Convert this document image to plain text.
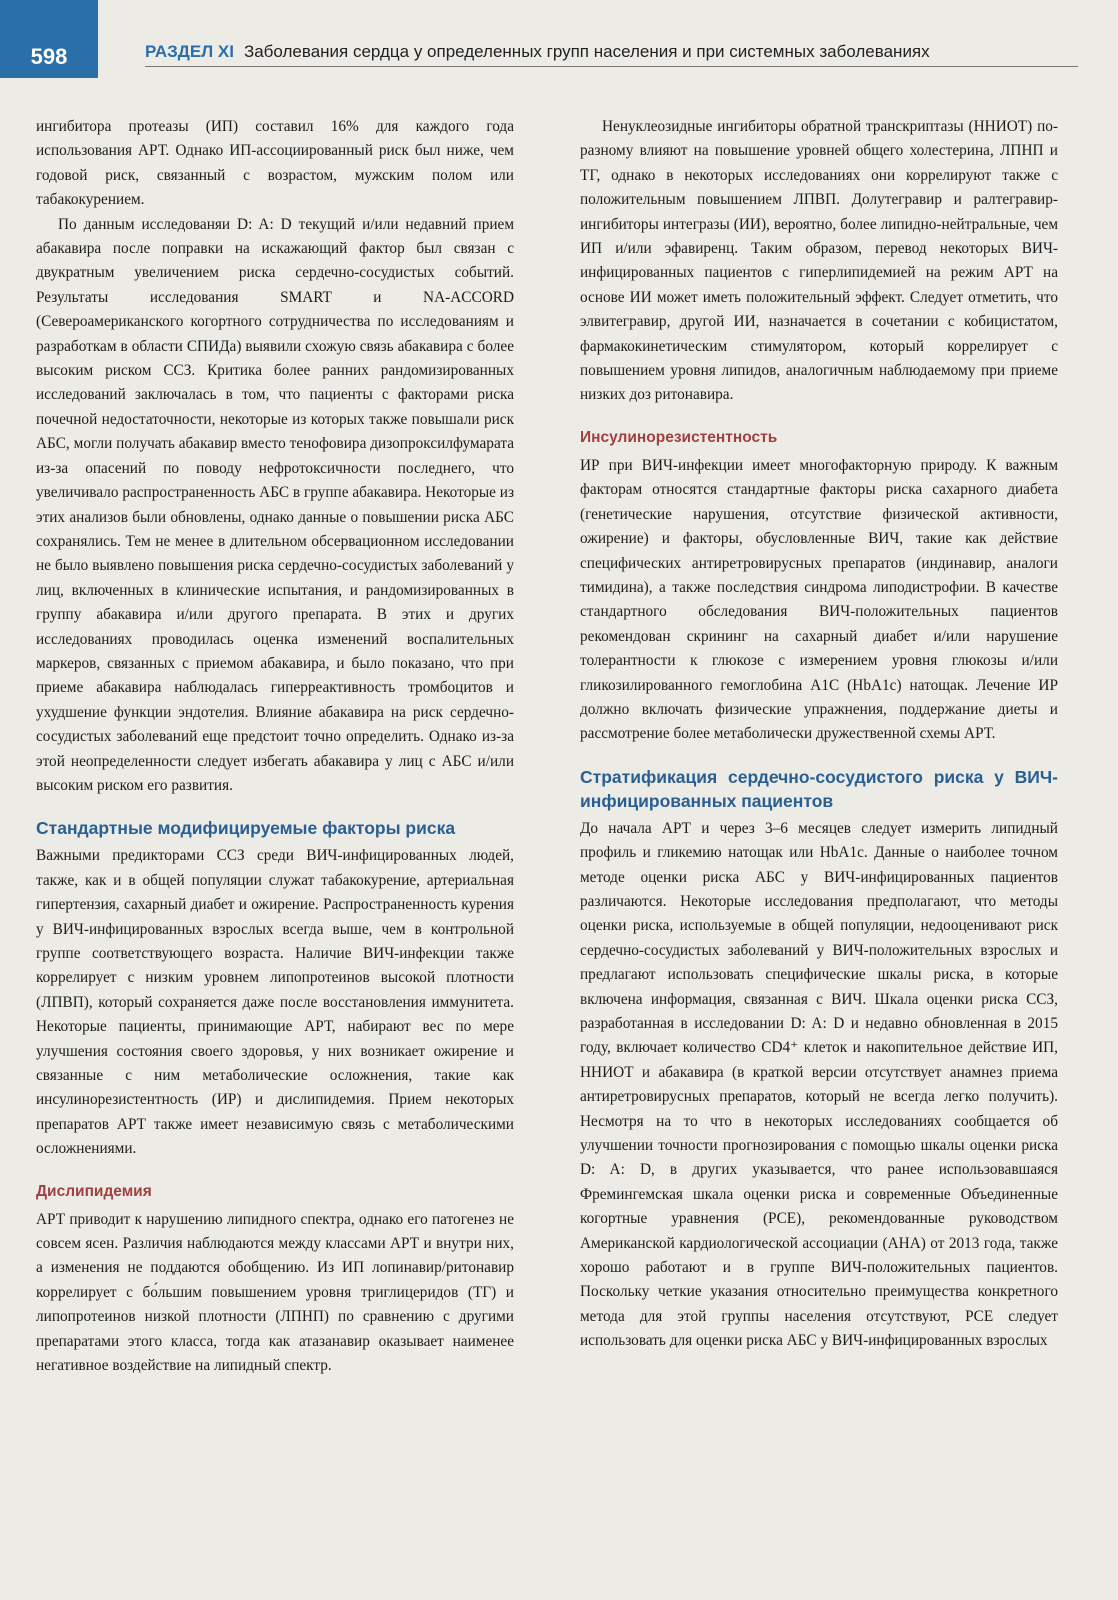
598	РАЗДЕЛ XI Заболевания сердца у определенных групп населения и при системных заболеваниях

ингибитора протеазы (ИП) составил 16% для каждого года использования АРТ. Однако ИП-ассоциированный риск был ниже, чем годовой риск, связанный с возрастом, мужским полом или табакокурением.

По данным исследованяи D: A: D текущий и/или недавний прием абакавира после поправки на искажающий фактор был связан с двукратным увеличением риска сердечно-сосудистых событий. Результаты исследования SMART и NA-ACCORD (Североамериканского когортного сотрудничества по исследованиям и разработкам в области СПИДа) выявили схожую связь абакавира с более высоким риском ССЗ. Критика более ранних рандомизированных исследований заключалась в том, что пациенты с факторами риска почечной недостаточности, некоторые из которых также повышали риск АБС, могли получать абакавир вместо тенофовира дизопроксилфумарата из-за опасений по поводу нефротоксичности последнего, что увеличивало распространенность АБС в группе абакавира. Некоторые из этих анализов были обновлены, однако данные о повышении риска АБС сохранялись. Тем не менее в длительном обсервационном исследовании не было выявлено повышения риска сердечно-сосудистых заболеваний у лиц, включенных в клинические испытания, и рандомизированных в группу абакавира и/или другого препарата. В этих и других исследованиях проводилась оценка изменений воспалительных маркеров, связанных с приемом абакавира, и было показано, что при приеме абакавира наблюдалась гиперреактивность тромбоцитов и ухудшение функции эндотелия. Влияние абакавира на риск сердечно-сосудистых заболеваний еще предстоит точно определить. Однако из-за этой неопределенности следует избегать абакавира у лиц с АБС и/или высоким риском его развития.

Стандартные модифицируемые факторы риска

Важными предикторами ССЗ среди ВИЧ-инфицированных людей, также, как и в общей популяции служат табакокурение, артериальная гипертензия, сахарный диабет и ожирение. Распространенность курения у ВИЧ-инфицированных взрослых всегда выше, чем в контрольной группе соответствующего возраста. Наличие ВИЧ-инфекции также коррелирует с низким уровнем липопротеинов высокой плотности (ЛПВП), который сохраняется даже после восстановления иммунитета. Некоторые пациенты, принимающие АРТ, набирают вес по мере улучшения состояния своего здоровья, у них возникает ожирение и связанные с ним метаболические осложнения, такие как инсулинорезистентность (ИР) и дислипидемия. Прием некоторых препаратов АРТ также имеет независимую связь с метаболическими осложнениями.

Дислипидемия

АРТ приводит к нарушению липидного спектра, однако его патогенез не совсем ясен. Различия наблюдаются между классами АРТ и внутри них, а изменения не поддаются обобщению. Из ИП лопинавир/ритонавир коррелирует с бо́льшим повышением уровня триглицеридов (ТГ) и липопротеинов низкой плотности (ЛПНП) по сравнению с другими препаратами этого класса, тогда как атазанавир оказывает наименее негативное воздействие на липидный спектр.

Ненуклеозидные ингибиторы обратной транскриптазы (ННИОТ) по-разному влияют на повышение уровней общего холестерина, ЛПНП и ТГ, однако в некоторых исследованиях они коррелируют также с положительным повышением ЛПВП. Долутегравир и ралтегравир-ингибиторы интегразы (ИИ), вероятно, более липидно-нейтральные, чем ИП и/или эфавиренц. Таким образом, перевод некоторых ВИЧ-инфицированных пациентов с гиперлипидемией на режим АРТ на основе ИИ может иметь положительный эффект. Следует отметить, что элвитегравир, другой ИИ, назначается в сочетании с кобицистатом, фармакокинетическим стимулятором, который коррелирует с повышением уровня липидов, аналогичным наблюдаемому при приеме низких доз ритонавира.

Инсулинорезистентность

ИР при ВИЧ-инфекции имеет многофакторную природу. К важным факторам относятся стандартные факторы риска сахарного диабета (генетические нарушения, отсутствие физической активности, ожирение) и факторы, обусловленные ВИЧ, такие как действие специфических антиретровирусных препаратов (индинавир, аналоги тимидина), а также последствия синдрома липодистрофии. В качестве стандартного обследования ВИЧ-положительных пациентов рекомендован скрининг на сахарный диабет и/или нарушение толерантности к глюкозе с измерением уровня глюкозы и/или гликозилированного гемоглобина A1C (HbA1c) натощак. Лечение ИР должно включать физические упражнения, поддержание диеты и рассмотрение более метаболически дружественной схемы АРТ.

Стратификация сердечно-сосудистого риска у ВИЧ-инфицированных пациентов

До начала АРТ и через 3–6 месяцев следует измерить липидный профиль и гликемию натощак или HbA1c. Данные о наиболее точном методе оценки риска АБС у ВИЧ-инфицированных пациентов различаются. Некоторые исследования предполагают, что методы оценки риска, используемые в общей популяции, недооценивают риск сердечно-сосудистых заболеваний у ВИЧ-положительных взрослых и предлагают использовать специфические шкалы риска, в которые включена информация, связанная с ВИЧ. Шкала оценки риска ССЗ, разработанная в исследовании D: A: D и недавно обновленная в 2015 году, включает количество CD4⁺ клеток и накопительное действие ИП, ННИОТ и абакавира (в краткой версии отсутствует анамнез приема антиретровирусных препаратов, который не всегда легко получить). Несмотря на то что в некоторых исследованиях сообщается об улучшении точности прогнозирования с помощью шкалы оценки риска D: A: D, в других указывается, что ранее использовавшаяся Фремингемская шкала оценки риска и современные Объединенные когортные уравнения (PCE), рекомендованные руководством Американской кардиологической ассоциации (AHA) от 2013 года, также хорошо работают и в группе ВИЧ-положительных пациентов. Поскольку четкие указания относительно преимущества конкретного метода для этой группы населения отсутствуют, PCE следует использовать для оценки риска АБС у ВИЧ-инфицированных взрослых
